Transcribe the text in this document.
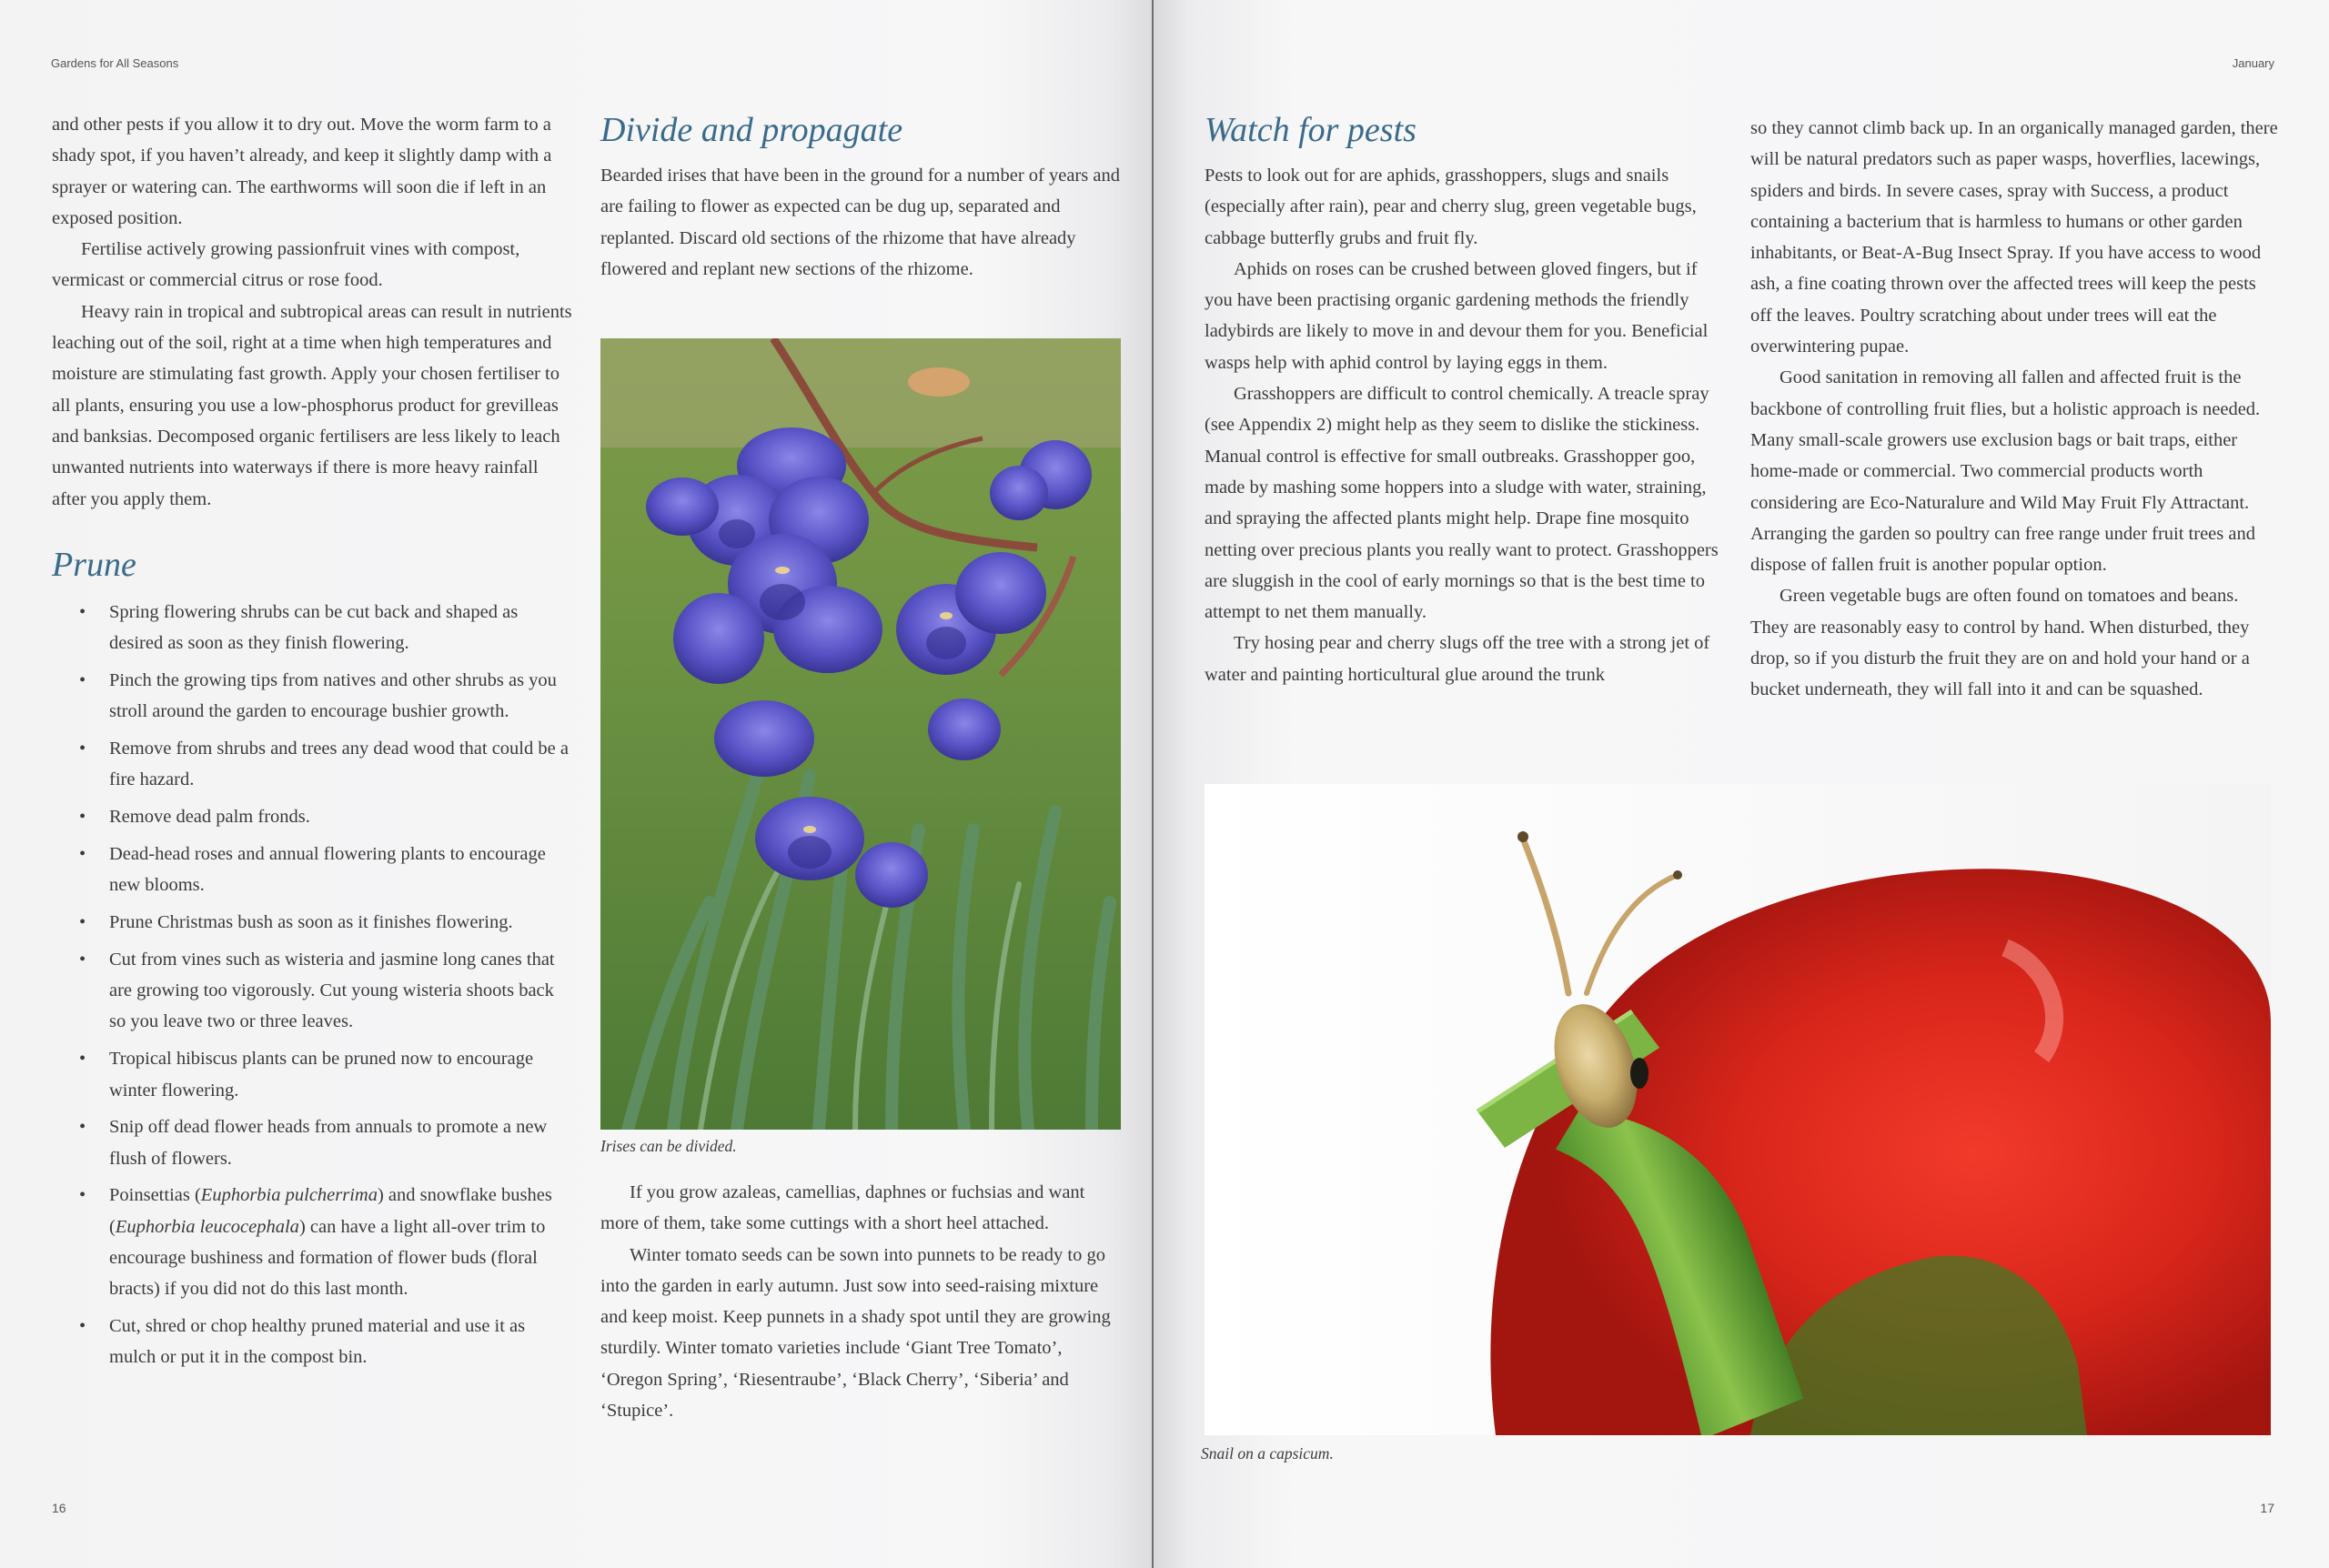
Gardens for All Seasons

and other pests if you allow it to dry out. Move the worm farm to a shady spot, if you haven’t already, and keep it slightly damp with a sprayer or watering can. The earthworms will soon die if left in an exposed position.

Fertilise actively growing passionfruit vines with compost, vermicast or commercial citrus or rose food.

Heavy rain in tropical and subtropical areas can result in nutrients leaching out of the soil, right at a time when high temperatures and moisture are stimulating fast growth. Apply your chosen fertiliser to all plants, ensuring you use a low-phosphorus product for grevilleas and banksias. Decomposed organic fertilisers are less likely to leach unwanted nutrients into waterways if there is more heavy rainfall after you apply them.

Prune
• Spring flowering shrubs can be cut back and shaped as desired as soon as they finish flowering.
• Pinch the growing tips from natives and other shrubs as you stroll around the garden to encourage bushier growth.
• Remove from shrubs and trees any dead wood that could be a fire hazard.
• Remove dead palm fronds.
• Dead-head roses and annual flowering plants to encourage new blooms.
• Prune Christmas bush as soon as it finishes flowering.
• Cut from vines such as wisteria and jasmine long canes that are growing too vigorously. Cut young wisteria shoots back so you leave two or three leaves.
• Tropical hibiscus plants can be pruned now to encourage winter flowering.
• Snip off dead flower heads from annuals to promote a new flush of flowers.
• Poinsettias (Euphorbia pulcherrima) and snowflake bushes (Euphorbia leucocephala) can have a light all-over trim to encourage bushiness and formation of flower buds (floral bracts) if you did not do this last month.
• Cut, shred or chop healthy pruned material and use it as mulch or put it in the compost bin.
Divide and propagate

Bearded irises that have been in the ground for a number of years and are failing to flower as expected can be dug up, separated and replanted. Discard old sections of the rhizome that have already flowered and replant new sections of the rhizome.

Irises can be divided.

If you grow azaleas, camellias, daphnes or fuchsias and want more of them, take some cuttings with a short heel attached.

Winter tomato seeds can be sown into punnets to be ready to go into the garden in early autumn. Just sow into seed-raising mixture and keep moist. Keep punnets in a shady spot until they are growing sturdily. Winter tomato varieties include ‘Giant Tree Tomato’, ‘Oregon Spring’, ‘Riesentraube’, ‘Black Cherry’, ‘Siberia’ and ‘Stupice’.

16
January
Watch for pests

Pests to look out for are aphids, grasshoppers, slugs and snails (especially after rain), pear and cherry slug, green vegetable bugs, cabbage butterfly grubs and fruit fly.

Aphids on roses can be crushed between gloved fingers, but if you have been practising organic gardening methods the friendly ladybirds are likely to move in and devour them for you. Beneficial wasps help with aphid control by laying eggs in them.

Grasshoppers are difficult to control chemically. A treacle spray (see Appendix 2) might help as they seem to dislike the stickiness. Manual control is effective for small outbreaks. Grasshopper goo, made by mashing some hoppers into a sludge with water, straining, and spraying the affected plants might help. Drape fine mosquito netting over precious plants you really want to protect. Grasshoppers are sluggish in the cool of early mornings so that is the best time to attempt to net them manually.

Try hosing pear and cherry slugs off the tree with a strong jet of water and painting horticultural glue around the trunk

so they cannot climb back up. In an organically managed garden, there will be natural predators such as paper wasps, hoverflies, lacewings, spiders and birds. In severe cases, spray with Success, a product containing a bacterium that is harmless to humans or other garden inhabitants, or Beat-A-Bug Insect Spray. If you have access to wood ash, a fine coating thrown over the affected trees will keep the pests off the leaves. Poultry scratching about under trees will eat the overwintering pupae.

Good sanitation in removing all fallen and affected fruit is the backbone of controlling fruit flies, but a holistic approach is needed. Many small-scale growers use exclusion bags or bait traps, either home-made or commercial. Two commercial products worth considering are Eco-Naturalure and Wild May Fruit Fly Attractant. Arranging the garden so poultry can free range under fruit trees and dispose of fallen fruit is another popular option.

Green vegetable bugs are often found on tomatoes and beans. They are reasonably easy to control by hand. When disturbed, they drop, so if you disturb the fruit they are on and hold your hand or a bucket underneath, they will fall into it and can be squashed.

Snail on a capsicum.
17
